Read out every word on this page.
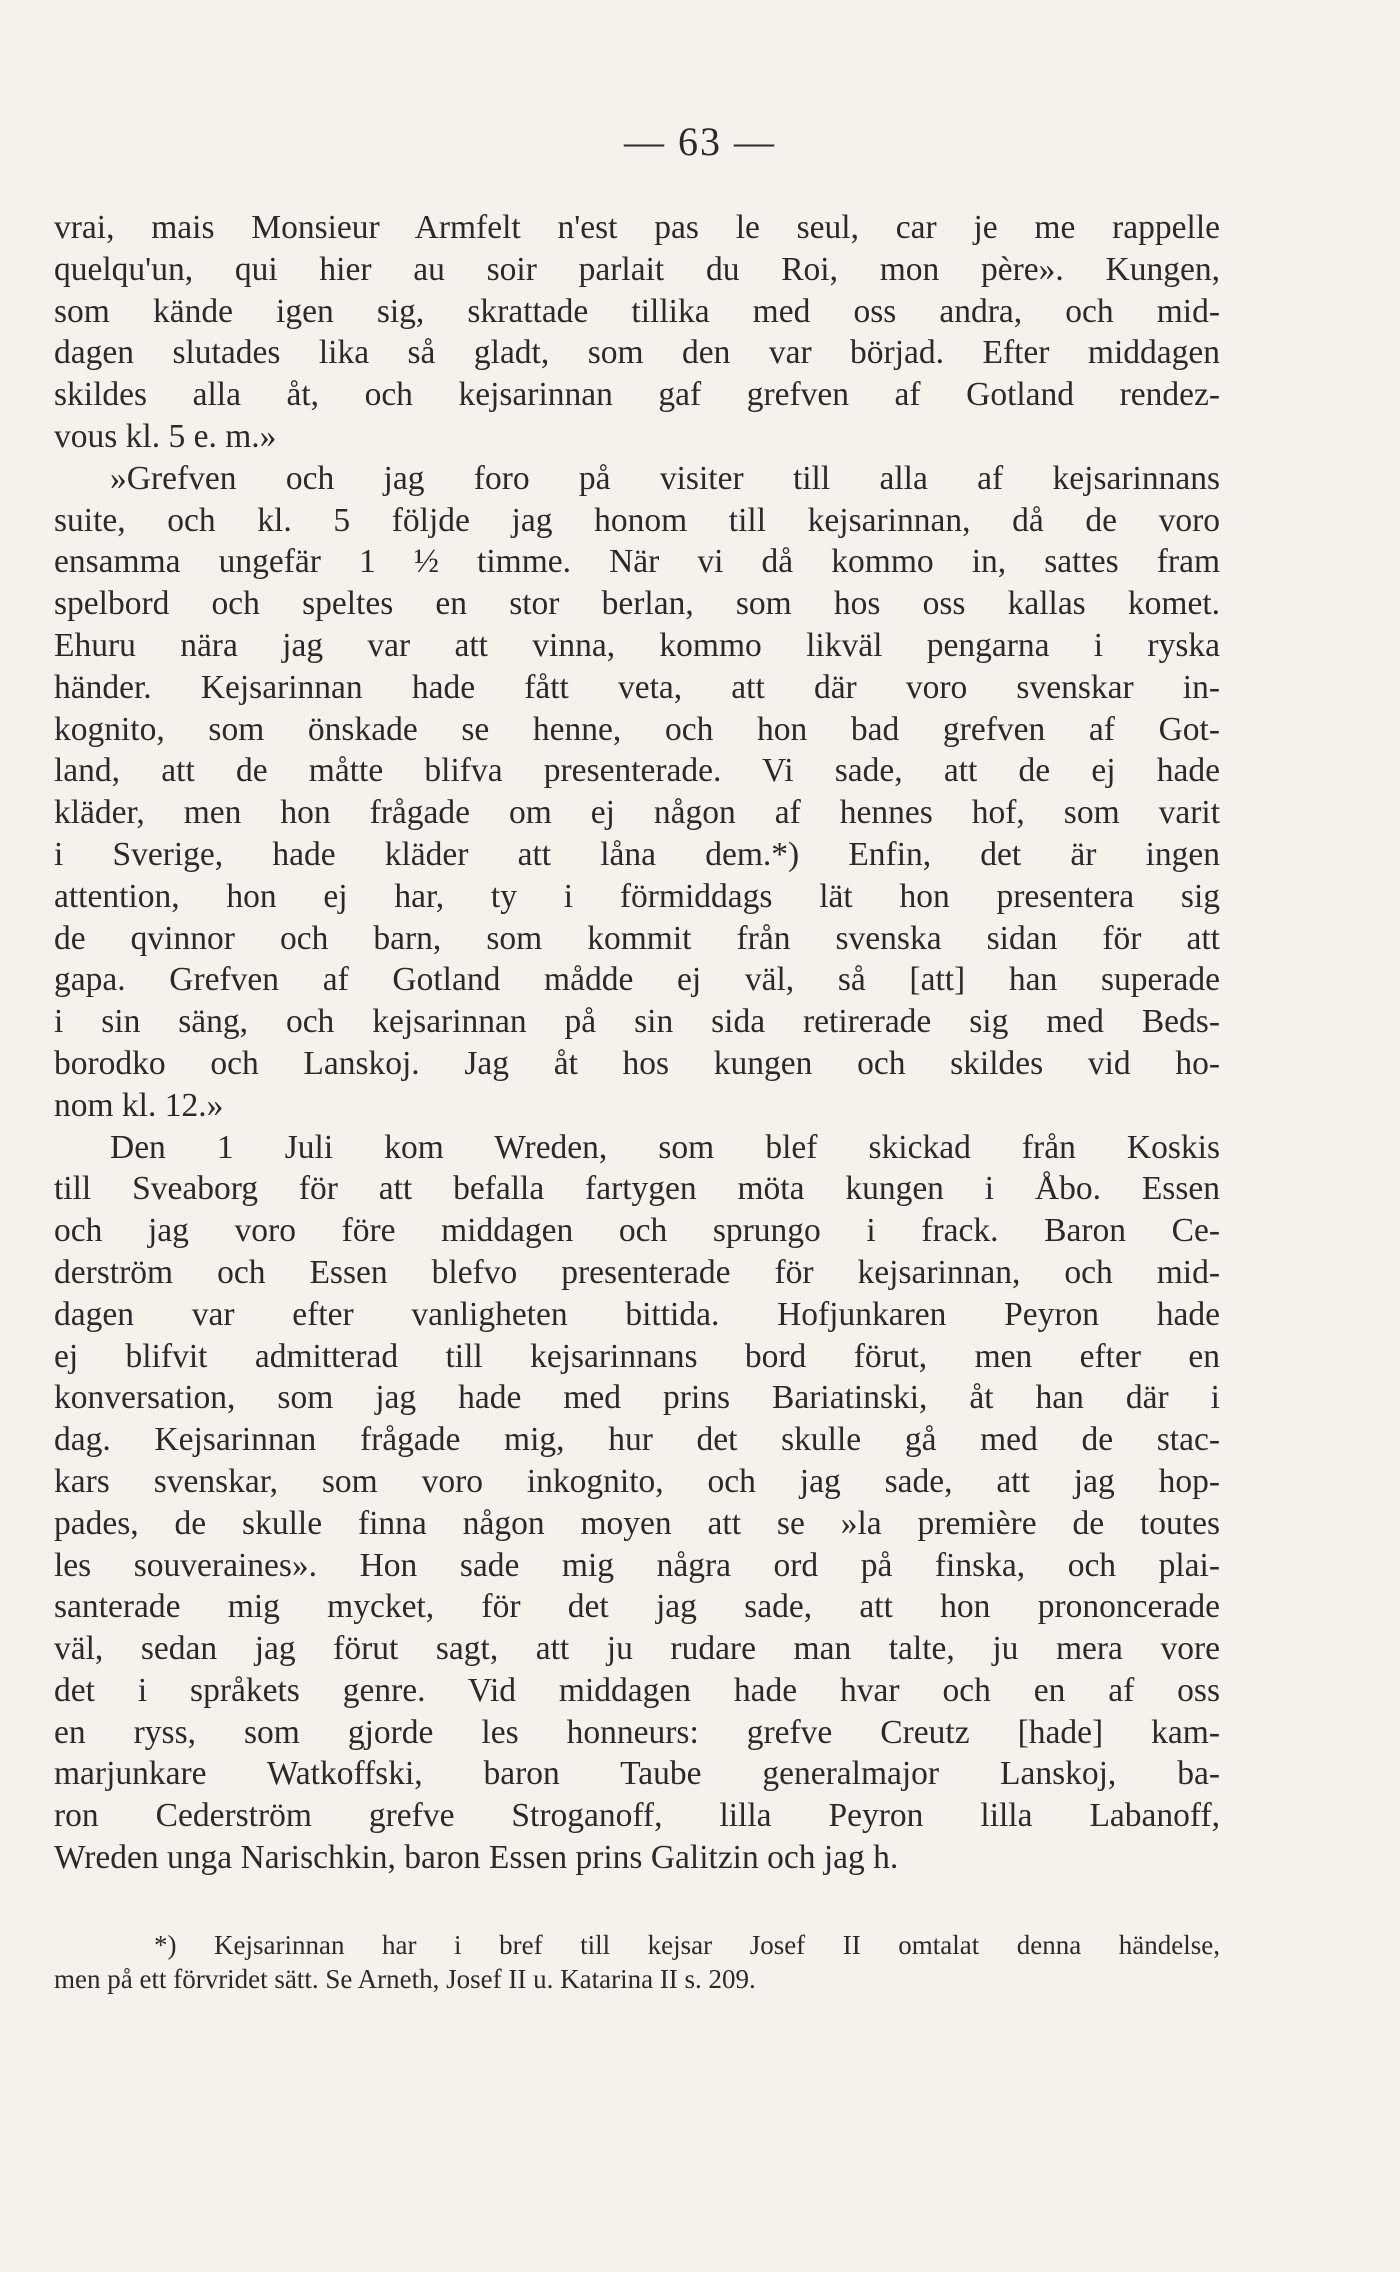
— 63 —
vrai, mais Monsieur Armfelt n'est pas le seul, car je me rappelle
quelqu'un, qui hier au soir parlait du Roi, mon père». Kungen,
som kände igen sig, skrattade tillika med oss andra, och mid-
dagen slutades lika så gladt, som den var börjad. Efter middagen
skildes alla åt, och kejsarinnan gaf grefven af Gotland rendez-
vous kl. 5 e. m.»
»Grefven och jag foro på visiter till alla af kejsarinnans
suite, och kl. 5 följde jag honom till kejsarinnan, då de voro
ensamma ungefär 1 ½ timme. När vi då kommo in, sattes fram
spelbord och speltes en stor berlan, som hos oss kallas komet.
Ehuru nära jag var att vinna, kommo likväl pengarna i ryska
händer. Kejsarinnan hade fått veta, att där voro svenskar in-
kognito, som önskade se henne, och hon bad grefven af Got-
land, att de måtte blifva presenterade. Vi sade, att de ej hade
kläder, men hon frågade om ej någon af hennes hof, som varit
i Sverige, hade kläder att låna dem.*) Enfin, det är ingen
attention, hon ej har, ty i förmiddags lät hon presentera sig
de qvinnor och barn, som kommit från svenska sidan för att
gapa. Grefven af Gotland mådde ej väl, så [att] han superade
i sin säng, och kejsarinnan på sin sida retirerade sig med Beds-
borodko och Lanskoj. Jag åt hos kungen och skildes vid ho-
nom kl. 12.»
Den 1 Juli kom Wreden, som blef skickad från Koskis
till Sveaborg för att befalla fartygen möta kungen i Åbo. Essen
och jag voro före middagen och sprungo i frack. Baron Ce-
derström och Essen blefvo presenterade för kejsarinnan, och mid-
dagen var efter vanligheten bittida. Hofjunkaren Peyron hade
ej blifvit admitterad till kejsarinnans bord förut, men efter en
konversation, som jag hade med prins Bariatinski, åt han där i
dag. Kejsarinnan frågade mig, hur det skulle gå med de stac-
kars svenskar, som voro inkognito, och jag sade, att jag hop-
pades, de skulle finna någon moyen att se »la première de toutes
les souveraines». Hon sade mig några ord på finska, och plai-
santerade mig mycket, för det jag sade, att hon prononcerade
väl, sedan jag förut sagt, att ju rudare man talte, ju mera vore
det i språkets genre. Vid middagen hade hvar och en af oss
en ryss, som gjorde les honneurs: grefve Creutz [hade] kam-
marjunkare Watkoffski, baron Taube generalmajor Lanskoj, ba-
ron Cederström grefve Stroganoff, lilla Peyron lilla Labanoff,
Wreden unga Narischkin, baron Essen prins Galitzin och jag h.
*) Kejsarinnan har i bref till kejsar Josef II omtalat denna händelse,
men på ett förvridet sätt. Se Arneth, Josef II u. Katarina II s. 209.
